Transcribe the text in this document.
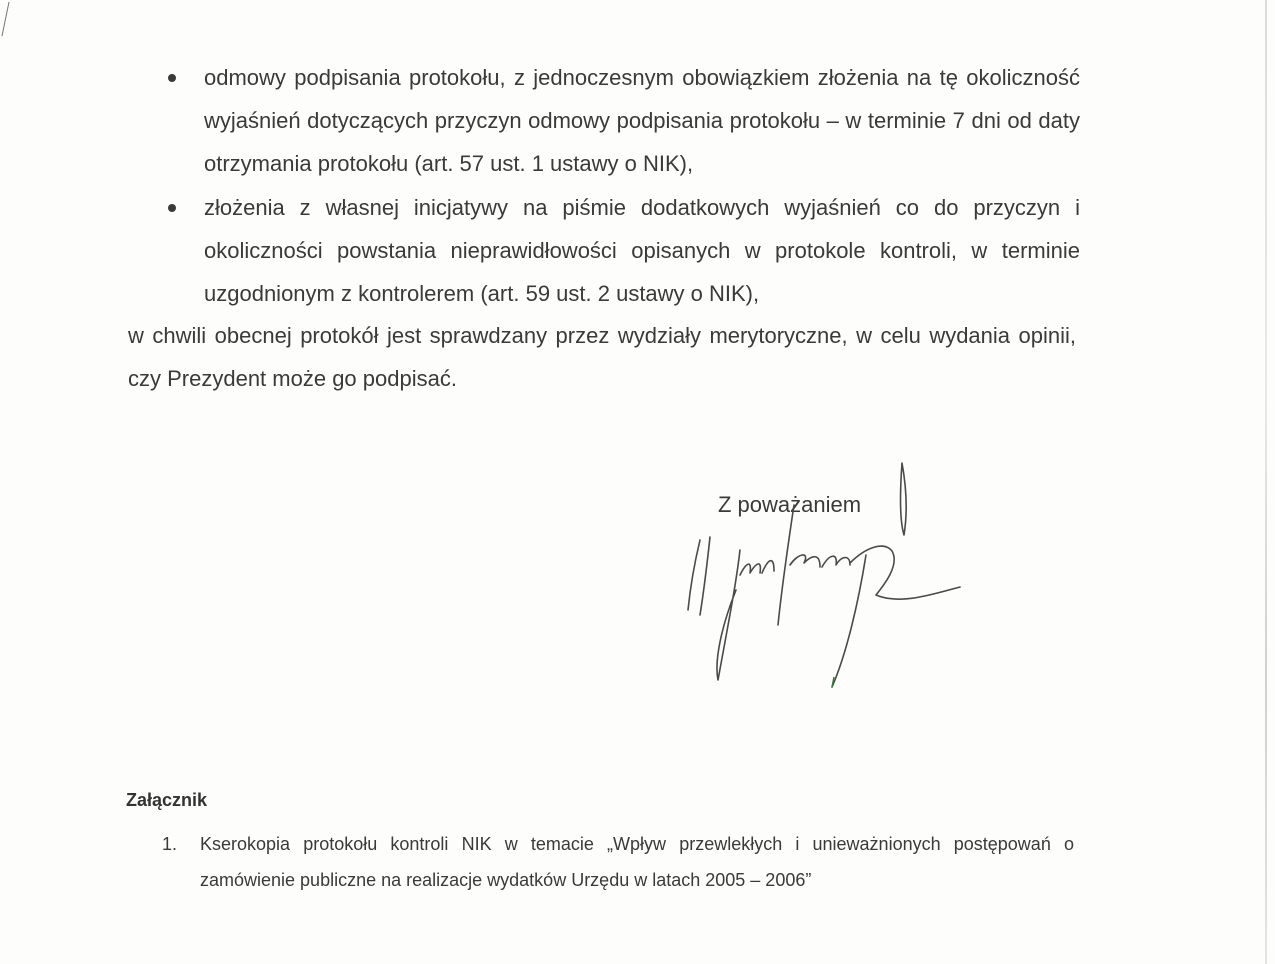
odmowy podpisania protokołu, z jednoczesnym obowiązkiem złożenia na tę okoliczność wyjaśnień dotyczących przyczyn odmowy podpisania protokołu – w terminie 7 dni od daty otrzymania protokołu (art. 57 ust. 1 ustawy o NIK),
złożenia z własnej inicjatywy na piśmie dodatkowych wyjaśnień co do przyczyn i okoliczności powstania nieprawidłowości opisanych w protokole kontroli, w terminie uzgodnionym z kontrolerem (art. 59 ust. 2 ustawy o NIK),

w chwili obecnej protokół jest sprawdzany przez wydziały merytoryczne, w celu wydania opinii, czy Prezydent może go podpisać.

Z poważaniem

Załącznik

1. Kserokopia protokołu kontroli NIK w temacie „Wpływ przewlekłych i unieważnionych postępowań o zamówienie publiczne na realizacje wydatków Urzędu w latach 2005 – 2006”
